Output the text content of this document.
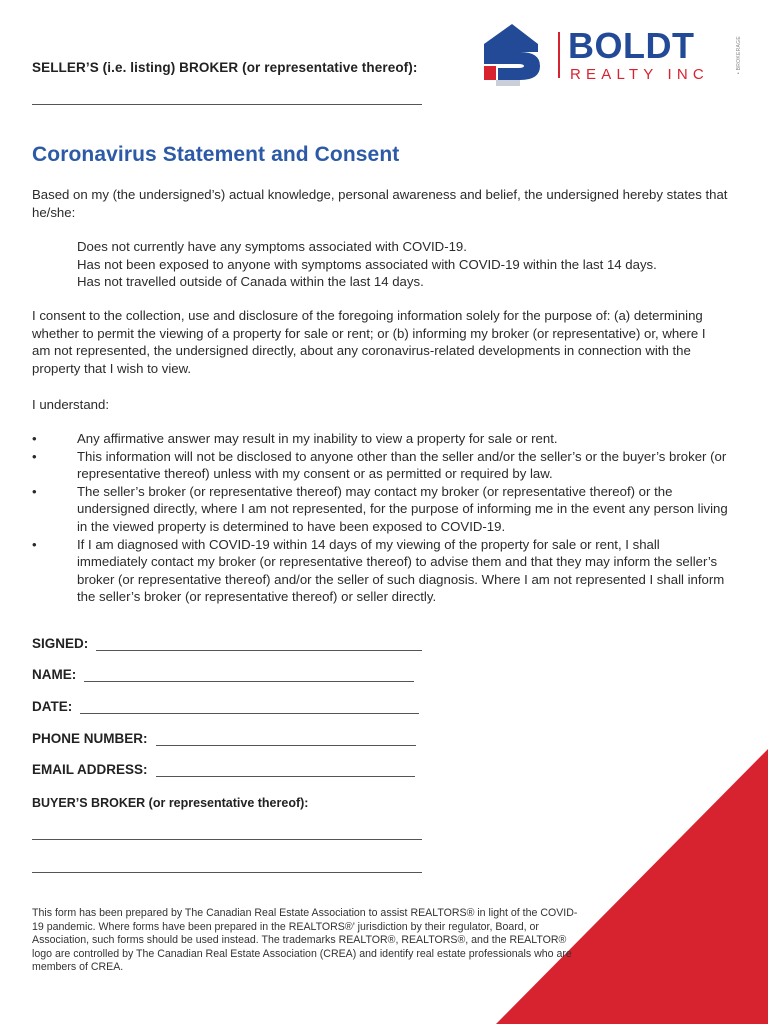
SELLER’S (i.e. listing) BROKER (or representative thereof):
BOLDT
REALTY INC
• BROKERAGE
Coronavirus Statement and Consent
Based on my (the undersigned’s) actual knowledge, personal awareness and belief, the undersigned hereby states that he/she:
Does not currently have any symptoms associated with COVID-19.
Has not been exposed to anyone with symptoms associated with COVID-19 within the last 14 days.
Has not travelled outside of Canada within the last 14 days.
I consent to the collection, use and disclosure of the foregoing information solely for the purpose of: (a) determining whether to permit the viewing of a property for sale or rent; or (b) informing my broker (or representative) or, where I am not represented, the undersigned directly, about any coronavirus-related developments in connection with the property that I wish to view.
I understand:
•	Any affirmative answer may result in my inability to view a property for sale or rent.
•	This information will not be disclosed to anyone other than the seller and/or the seller’s or the buyer’s broker (or representative thereof) unless with my consent or as permitted or required by law.
•	The seller’s broker (or representative thereof) may contact my broker (or representative thereof) or the undersigned directly, where I am not represented, for the purpose of informing me in the event any person living in the viewed property is determined to have been exposed to COVID-19.
•	If I am diagnosed with COVID-19 within 14 days of my viewing of the property for sale or rent, I shall immediately contact my broker (or representative thereof) to advise them and that they may inform the seller’s broker (or representative thereof) and/or the seller of such diagnosis. Where I am not represented I shall inform the seller’s broker (or representative thereof) or seller directly.
SIGNED:
NAME:
DATE:
PHONE NUMBER:
EMAIL ADDRESS:
BUYER’S BROKER (or representative thereof):
This form has been prepared by The Canadian Real Estate Association to assist REALTORS® in light of the COVID-19 pandemic. Where forms have been prepared in the REALTORS®’ jurisdiction by their regulator, Board, or Association, such forms should be used instead. The trademarks REALTOR®, REALTORS®, and the REALTOR® logo are controlled by The Canadian Real Estate Association (CREA) and identify real estate professionals who are members of CREA.
